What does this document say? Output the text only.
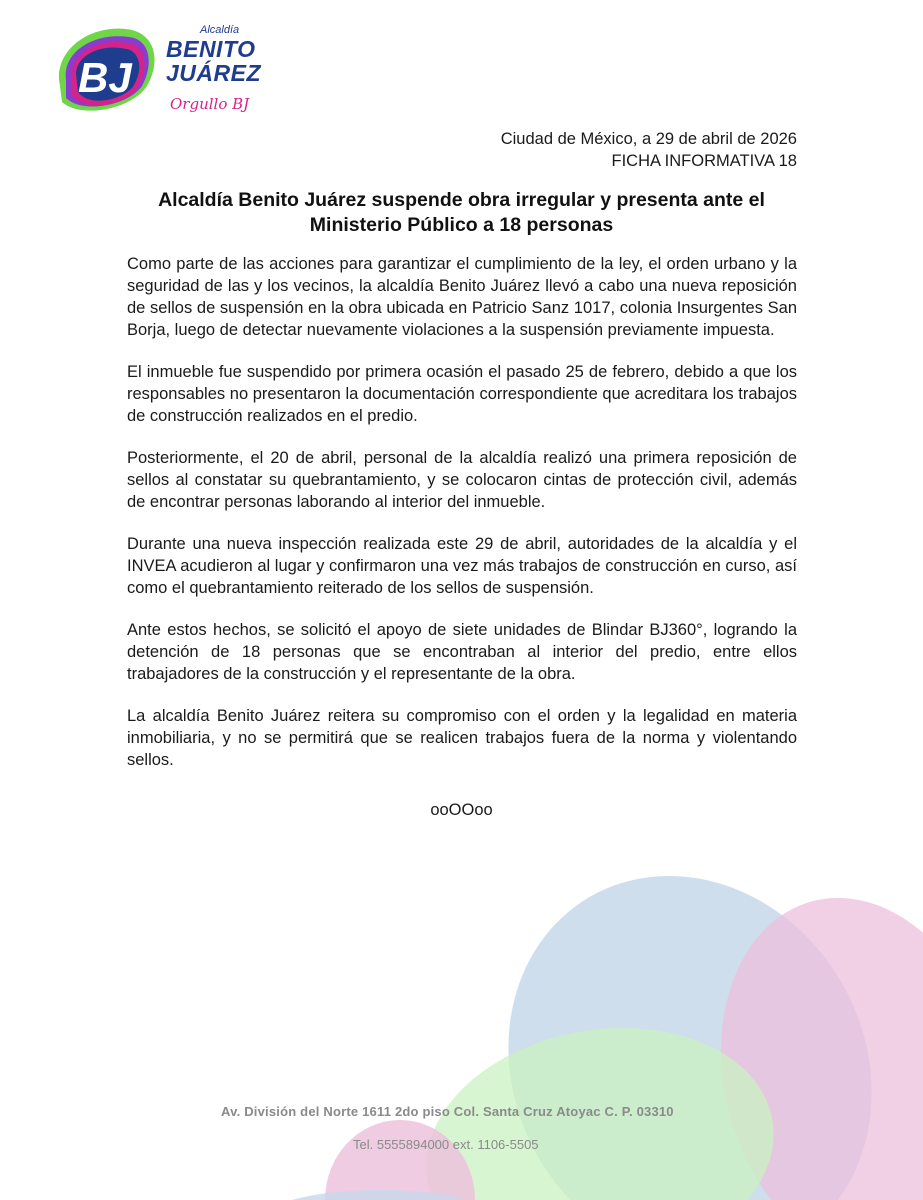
BJ
Alcaldía
BENITO
JUÁREZ
Orgullo BJ
Ciudad de México, a 29 de abril de 2026
FICHA INFORMATIVA 18
Alcaldía Benito Juárez suspende obra irregular y presenta ante el
Ministerio Público a 18 personas

Como parte de las acciones para garantizar el cumplimiento de la ley, el orden urbano y la seguridad de las y los vecinos, la alcaldía Benito Juárez llevó a cabo una nueva reposición de sellos de suspensión en la obra ubicada en Patricio Sanz 1017, colonia Insurgentes San Borja, luego de detectar nuevamente violaciones a la suspensión previamente impuesta.

El inmueble fue suspendido por primera ocasión el pasado 25 de febrero, debido a que los responsables no presentaron la documentación correspondiente que acreditara los trabajos de construcción realizados en el predio.

Posteriormente, el 20 de abril, personal de la alcaldía realizó una primera reposición de sellos al constatar su quebrantamiento, y se colocaron cintas de protección civil, además de encontrar personas laborando al interior del inmueble.

Durante una nueva inspección realizada este 29 de abril, autoridades de la alcaldía y el INVEA acudieron al lugar y confirmaron una vez más trabajos de construcción en curso, así como el quebrantamiento reiterado de los sellos de suspensión.

Ante estos hechos, se solicitó el apoyo de siete unidades de Blindar BJ360°, logrando la detención de 18 personas que se encontraban al interior del predio, entre ellos trabajadores de la construcción y el representante de la obra.

La alcaldía Benito Juárez reitera su compromiso con el orden y la legalidad en materia inmobiliaria, y no se permitirá que se realicen trabajos fuera de la norma y violentando sellos.

ooOOoo
Av. División del Norte 1611 2do piso Col. Santa Cruz Atoyac C. P. 03310
Tel. 5555894000 ext. 1106-5505
